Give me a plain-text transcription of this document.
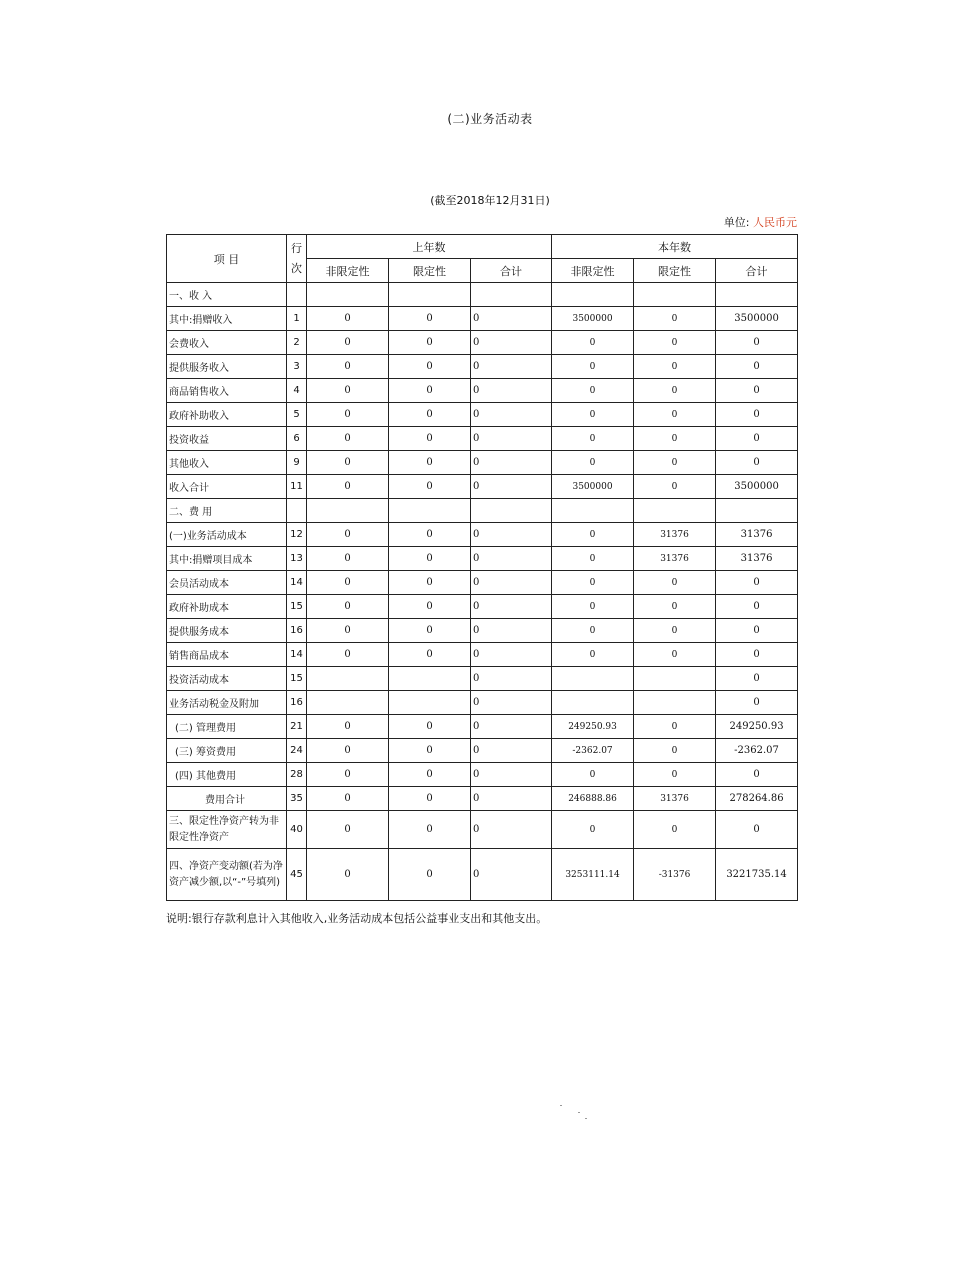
(二)业务活动表
(截至2018年12月31日)
单位: 人民币元
项 目	行
次	上年数			本年数		
		非限定性	限定性	合计	非限定性	限定性	合计
一、收 入							
其中:捐赠收入	1	0	0	0	3500000	0	3500000
会费收入	2	0	0	0	0	0	0
提供服务收入	3	0	0	0	0	0	0
商品销售收入	4	0	0	0	0	0	0
政府补助收入	5	0	0	0	0	0	0
投资收益	6	0	0	0	0	0	0
其他收入	9	0	0	0	0	0	0
收入合计	11	0	0	0	3500000	0	3500000
二、费 用							
(一)业务活动成本	12	0	0	0	0	31376	31376
其中:捐赠项目成本	13	0	0	0	0	31376	31376
会员活动成本	14	0	0	0	0	0	0
政府补助成本	15	0	0	0	0	0	0
提供服务成本	16	0	0	0	0	0	0
销售商品成本	14	0	0	0	0	0	0
投资活动成本	15			0			0
业务活动税金及附加	16			0			0
(二) 管理费用	21	0	0	0	249250.93	0	249250.93
(三) 筹资费用	24	0	0	0	-2362.07	0	-2362.07
(四) 其他费用	28	0	0	0	0	0	0
费用合计	35	0	0	0	246888.86	31376	278264.86
三、限定性净资产转为非限定性净资产	40	0	0	0	0	0	0
四、净资产变动额(若为净资产减少额,以“-”号填列)	45	0	0	0	3253111.14	-31376	3221735.14
说明:银行存款利息计入其他收入,业务活动成本包括公益事业支出和其他支出。
